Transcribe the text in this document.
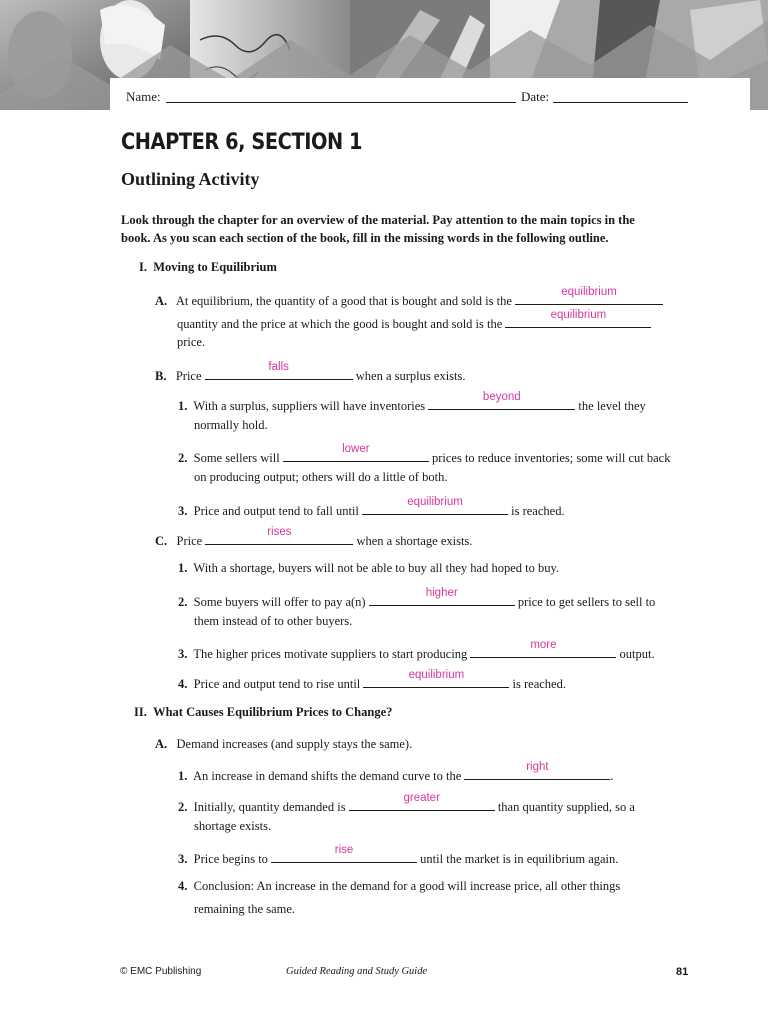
Name:	Date:
CHAPTER 6, SECTION 1
Outlining Activity
Look through the chapter for an overview of the material. Pay attention to the main topics in the book. As you scan each section of the book, fill in the missing words in the following outline.
I. Moving to Equilibrium
A. At equilibrium, the quantity of a good that is bought and sold is the
equilibrium
quantity and the price at which the good is bought and sold is the
equilibrium
price.
B. Price
falls
when a surplus exists.
1. With a surplus, suppliers will have inventories
beyond
the level they
normally hold.
2. Some sellers will
lower
prices to reduce inventories; some will cut back
on producing output; others will do a little of both.
3. Price and output tend to fall until
equilibrium
is reached.
C. Price
rises
when a shortage exists.
1. With a shortage, buyers will not be able to buy all they had hoped to buy.
2. Some buyers will offer to pay a(n)
higher
price to get sellers to sell to
them instead of to other buyers.
3. The higher prices motivate suppliers to start producing
more
output.
4. Price and output tend to rise until
equilibrium
is reached.
II. What Causes Equilibrium Prices to Change?
A. Demand increases (and supply stays the same).
1. An increase in demand shifts the demand curve to the
right
.
2. Initially, quantity demanded is
greater
than quantity supplied, so a
shortage exists.
3. Price begins to
rise
until the market is in equilibrium again.
4. Conclusion: An increase in the demand for a good will increase price, all other things
remaining the same.
© EMC Publishing	Guided Reading and Study Guide	81
